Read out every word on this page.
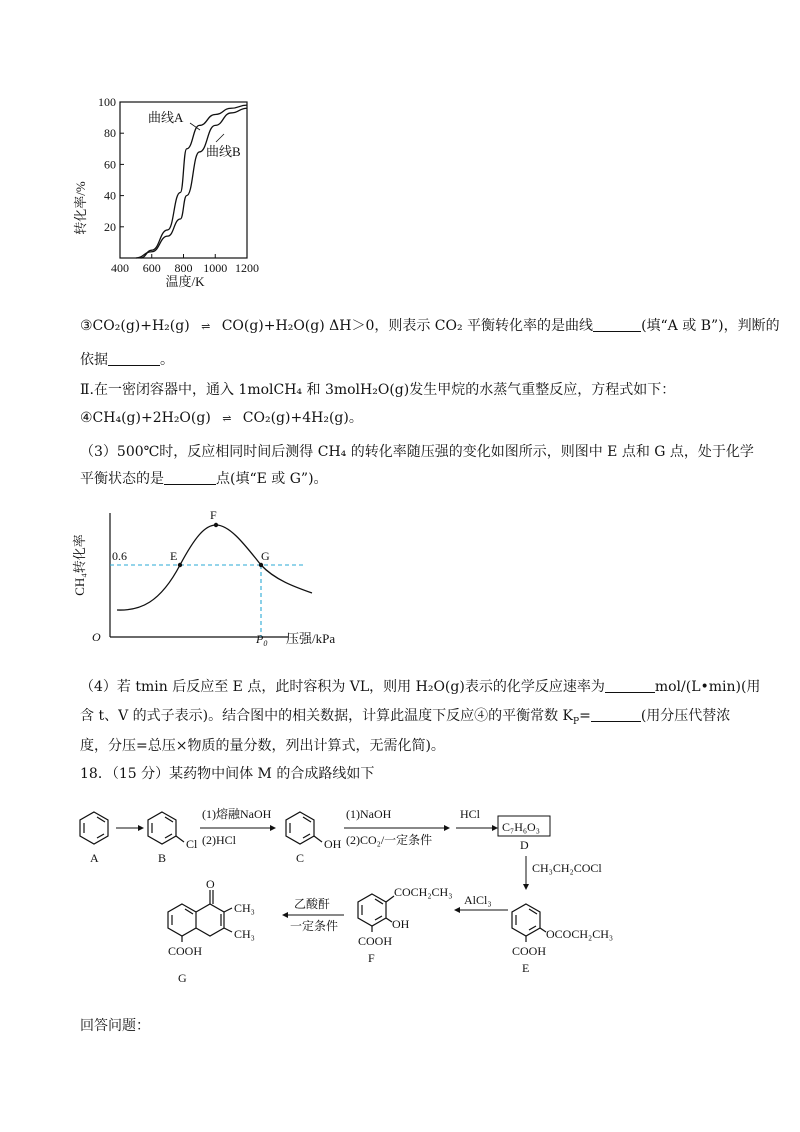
100
80
60
40
20
400 600 800 1000 1200
曲线A
曲线B
转化率/%
温度/K
③CO₂(g)+H₂(g) ⇌ CO(g)+H₂O(g) ΔH＞0，则表示 CO₂ 平衡转化率的是曲线	(填“A 或 B”)，判断的
依据	。
Ⅱ.在一密闭容器中，通入 1molCH₄ 和 3molH₂O(g)发生甲烷的水蒸气重整反应，方程式如下：
④CH₄(g)+2H₂O(g) ⇌ CO₂(g)+4H₂(g)。
（3）500℃时，反应相同时间后测得 CH₄ 的转化率随压强的变化如图所示，则图中 E 点和 G 点，处于化学
平衡状态的是	点(填“E 或 G”)。
E
F
G
0.6
O	$P_0$ 压强/kPa
CH₄转化率
（4）若 tmin 后反应至 E 点，此时容积为 VL，则用 H₂O(g)表示的化学反应速率为	mol/(L•min)(用
含 t、V 的式子表示)。结合图中的相关数据，计算此温度下反应④的平衡常数 $K_P=$	(用分压代替浓
度，分压=总压×物质的量分数，列出计算式，无需化简)。
18．（15 分）某药物中间体 M 的合成路线如下
A
Cl
B
(1)熔融NaOH
(2)HCl	OH
C
(1)NaOH
(2)CO₂/一定条件
HCl
C₇H₆O₃
D
CH₃CH₂COCl
OCOCH₂CH₃
COOH
E
AlCl₃
COCH₂CH₃
OH
COOH
F
乙酸酐
一定条件
O
CH₃
CH₃
COOH
G
回答问题：
